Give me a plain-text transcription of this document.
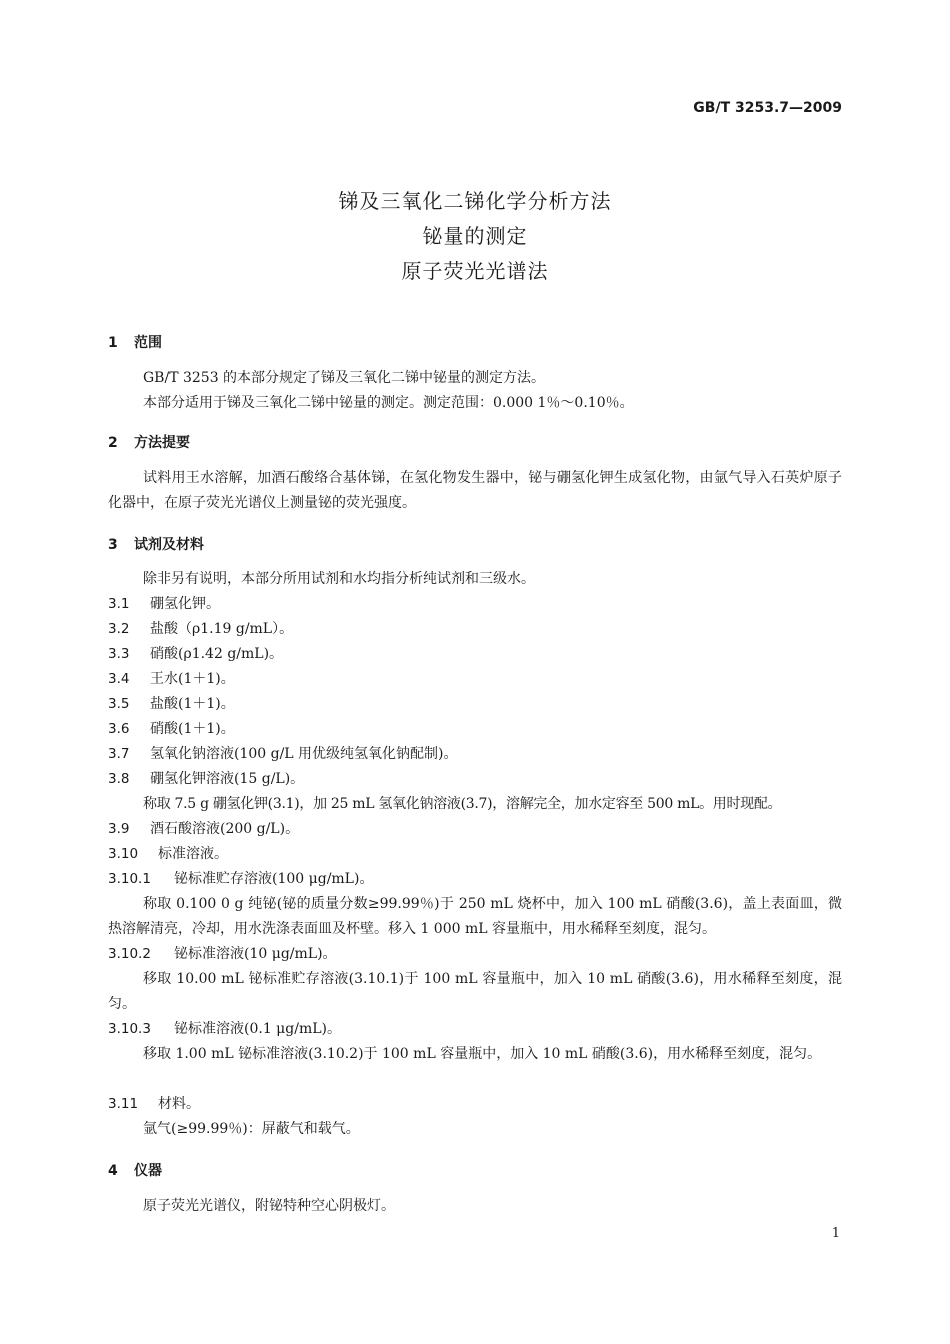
GB/T 3253.7—2009
锑及三氧化二锑化学分析方法
铋量的测定
原子荧光光谱法
1 范围
GB/T 3253 的本部分规定了锑及三氧化二锑中铋量的测定方法。
本部分适用于锑及三氧化二锑中铋量的测定。测定范围：0.000 1％～0.10％。
2 方法提要
试料用王水溶解，加酒石酸络合基体锑，在氢化物发生器中，铋与硼氢化钾生成氢化物，由氩气导入石英炉原子化器中，在原子荧光光谱仪上测量铋的荧光强度。
3 试剂及材料
除非另有说明，本部分所用试剂和水均指分析纯试剂和三级水。
3.1 硼氢化钾。
3.2 盐酸（ρ1.19 g/mL）。
3.3 硝酸(ρ1.42 g/mL)。
3.4 王水(1＋1)。
3.5 盐酸(1＋1)。
3.6 硝酸(1＋1)。
3.7 氢氧化钠溶液(100 g/L 用优级纯氢氧化钠配制)。
3.8 硼氢化钾溶液(15 g/L)。
称取 7.5 g 硼氢化钾(3.1)，加 25 mL 氢氧化钠溶液(3.7)，溶解完全，加水定容至 500 mL。用时现配。
3.9 酒石酸溶液(200 g/L)。
3.10 标准溶液。
3.10.1 铋标准贮存溶液(100 μg/mL)。
称取 0.100 0 g 纯铋(铋的质量分数≥99.99％)于 250 mL 烧杯中，加入 100 mL 硝酸(3.6)，盖上表面皿，微热溶解清亮，冷却，用水洗涤表面皿及杯壁。移入 1 000 mL 容量瓶中，用水稀释至刻度，混匀。
3.10.2 铋标准溶液(10 μg/mL)。
移取 10.00 mL 铋标准贮存溶液(3.10.1)于 100 mL 容量瓶中，加入 10 mL 硝酸(3.6)，用水稀释至刻度，混匀。
3.10.3 铋标准溶液(0.1 μg/mL)。
移取 1.00 mL 铋标准溶液(3.10.2)于 100 mL 容量瓶中，加入 10 mL 硝酸(3.6)，用水稀释至刻度，混匀。
3.11 材料。
氩气(≥99.99％)：屏蔽气和载气。
4 仪器
原子荧光光谱仪，附铋特种空心阴极灯。
1
